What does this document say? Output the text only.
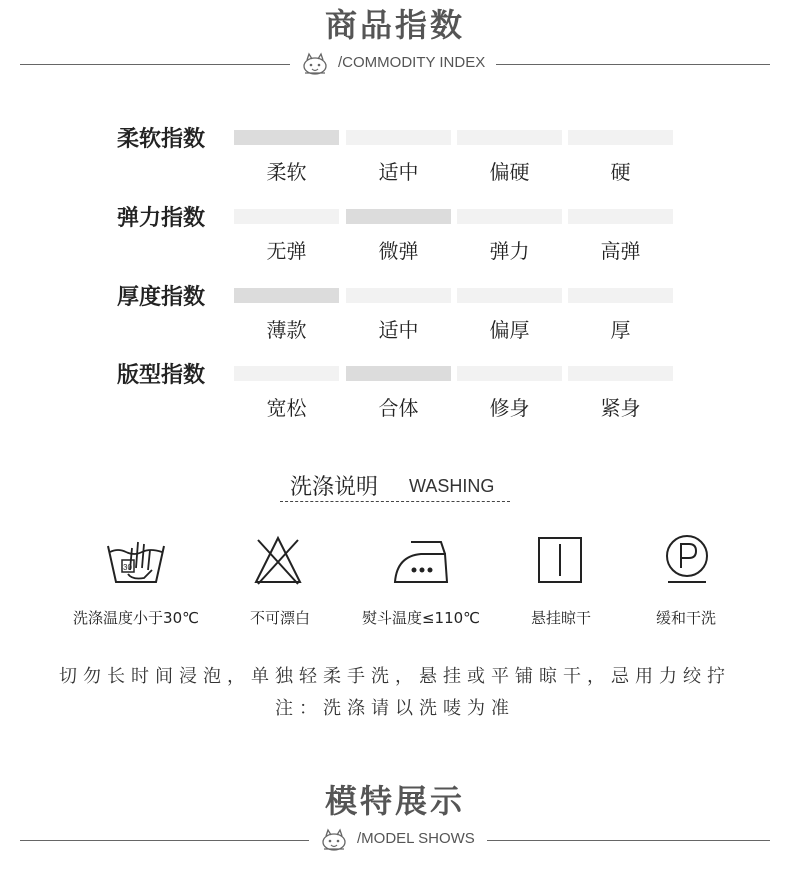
商品指数
/COMMODITY INDEX
柔软指数
柔软	适中	偏硬	硬
弹力指数
无弹	微弹	弹力	高弹
厚度指数
薄款	适中	偏厚	厚
版型指数
宽松	合体	修身	紧身
洗涤说明 WASHING
30
洗涤温度小于30℃	不可漂白	熨斗温度≤110℃	悬挂晾干	缓和干洗
切勿长时间浸泡，单独轻柔手洗，悬挂或平铺晾干，忌用力绞拧
注：洗涤请以洗唛为准
模特展示
/MODEL SHOWS
